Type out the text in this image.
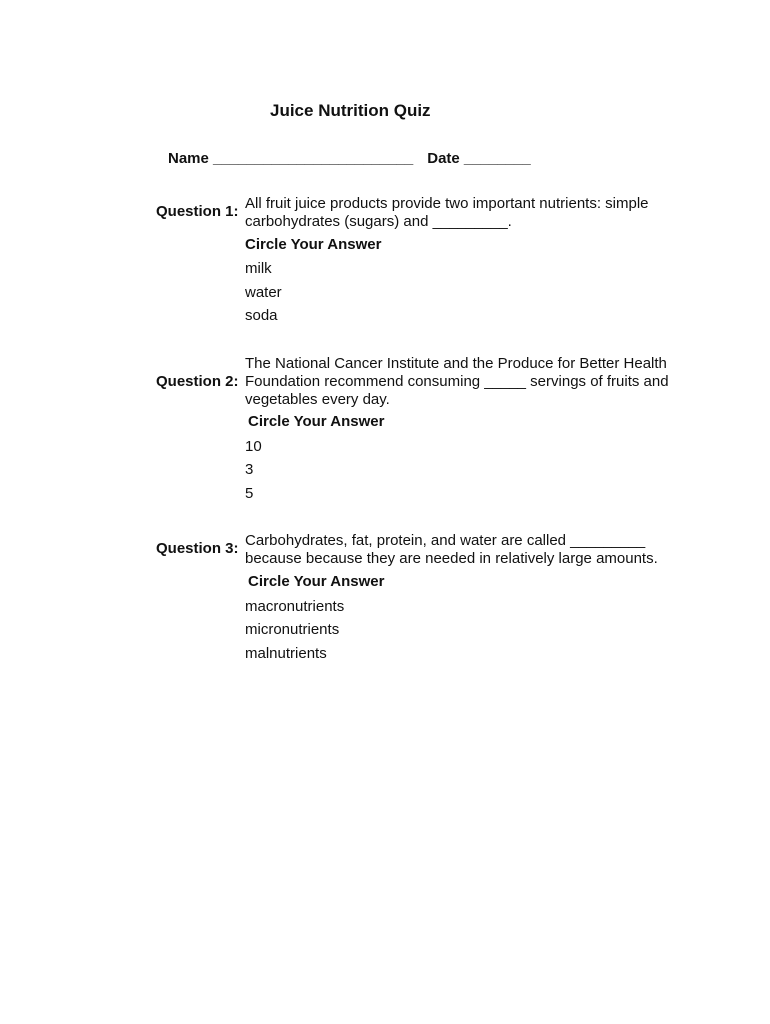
Juice Nutrition Quiz
Name ________________________ Date ________
Question 1: All fruit juice products provide two important nutrients: simple carbohydrates (sugars) and _________.

Circle Your Answer
milk
water
soda
Question 2:

The National Cancer Institute and the Produce for Better Health Foundation recommend consuming _____ servings of fruits and vegetables every day.

Circle Your Answer
10
3
5
Question 3: Carbohydrates, fat, protein, and water are called _________ because because they are needed in relatively large amounts.

Circle Your Answer
macronutrients
micronutrients
malnutrients
